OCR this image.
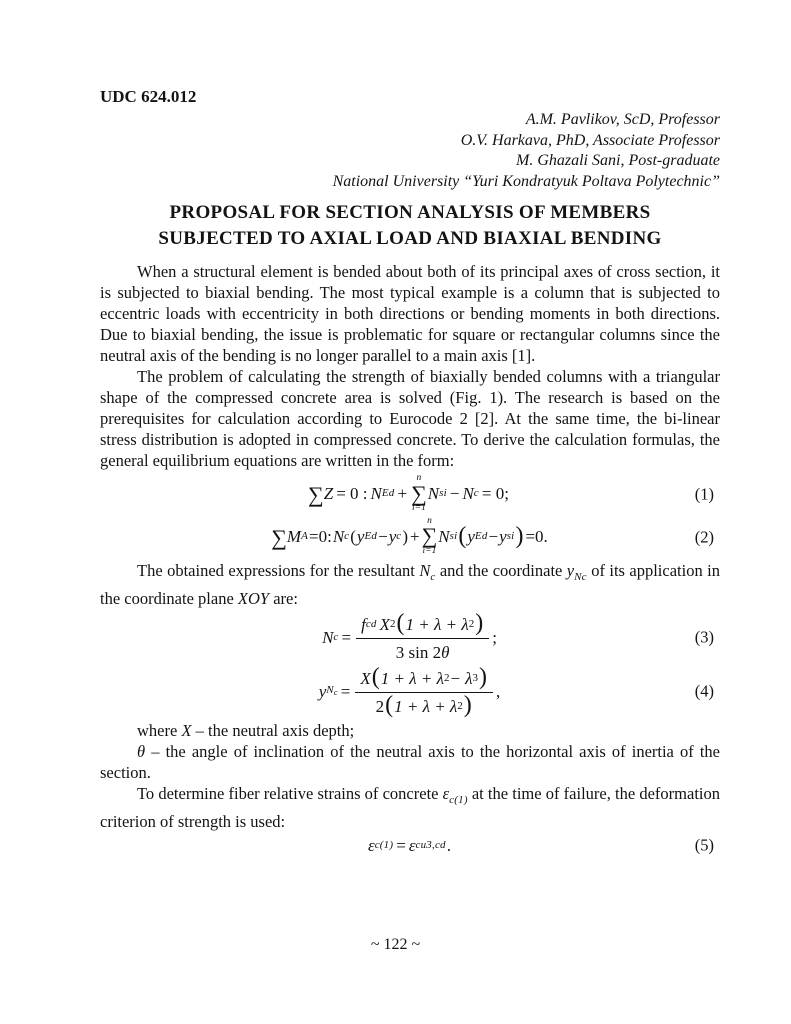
UDC 624.012
A.M. Pavlikov, ScD, Professor
O.V. Harkava, PhD, Associate Professor
M. Ghazali Sani, Post-graduate
National University “Yuri Kondratyuk Poltava Polytechnic”
PROPOSAL FOR SECTION ANALYSIS OF MEMBERS
SUBJECTED TO AXIAL LOAD AND BIAXIAL BENDING

When a structural element is bended about both of its principal axes of cross section, it is subjected to biaxial bending. The most typical example is a column that is subjected to eccentric loads with eccentricity in both directions or bending moments in both directions. Due to biaxial bending, the issue is problematic for square or rectangular columns since the neutral axis of the bending is no longer parallel to a main axis [1].

The problem of calculating the strength of biaxially bended columns with a triangular shape of the compressed concrete area is solved (Fig. 1). The research is based on the prerequisites for calculation according to Eurocode 2 [2]. At the same time, the bi-linear stress distribution is adopted in compressed concrete. To derive the calculation formulas, the general equilibrium equations are written in the form:

∑ Z = 0 : N Ed +
n
∑
i=1
N si − N c = 0;	(1)
∑ M A =0: N c ( y Ed − y c ) +
n
∑
i=1
N si ( y Ed − y si ) =0.	(2)

The obtained expressions for the resultant $N_c$ and the coordinate $y_{Nc}$ of its application in the coordinate plane XOY are:

N $c = \frac{\text{f cd X 2 ( 1 + λ + λ 2 )}}{3 \sin 2 \theta}$ ;	(3)
y $Nc = \frac{X ( 1 + \lambda + \lambda 2 - \lambda 3 )}{2 ( 1 + \lambda + \lambda 2 )}$ ,	(4)

where X – the neutral axis depth;

θ – the angle of inclination of the neutral axis to the horizontal axis of inertia of the section.

To determine fiber relative strains of concrete $\varepsilon_{c(1)}$ at the time of failure, the deformation criterion of strength is used:

ε c(1) = ε cu3,cd .	(5)
~ 122 ~
